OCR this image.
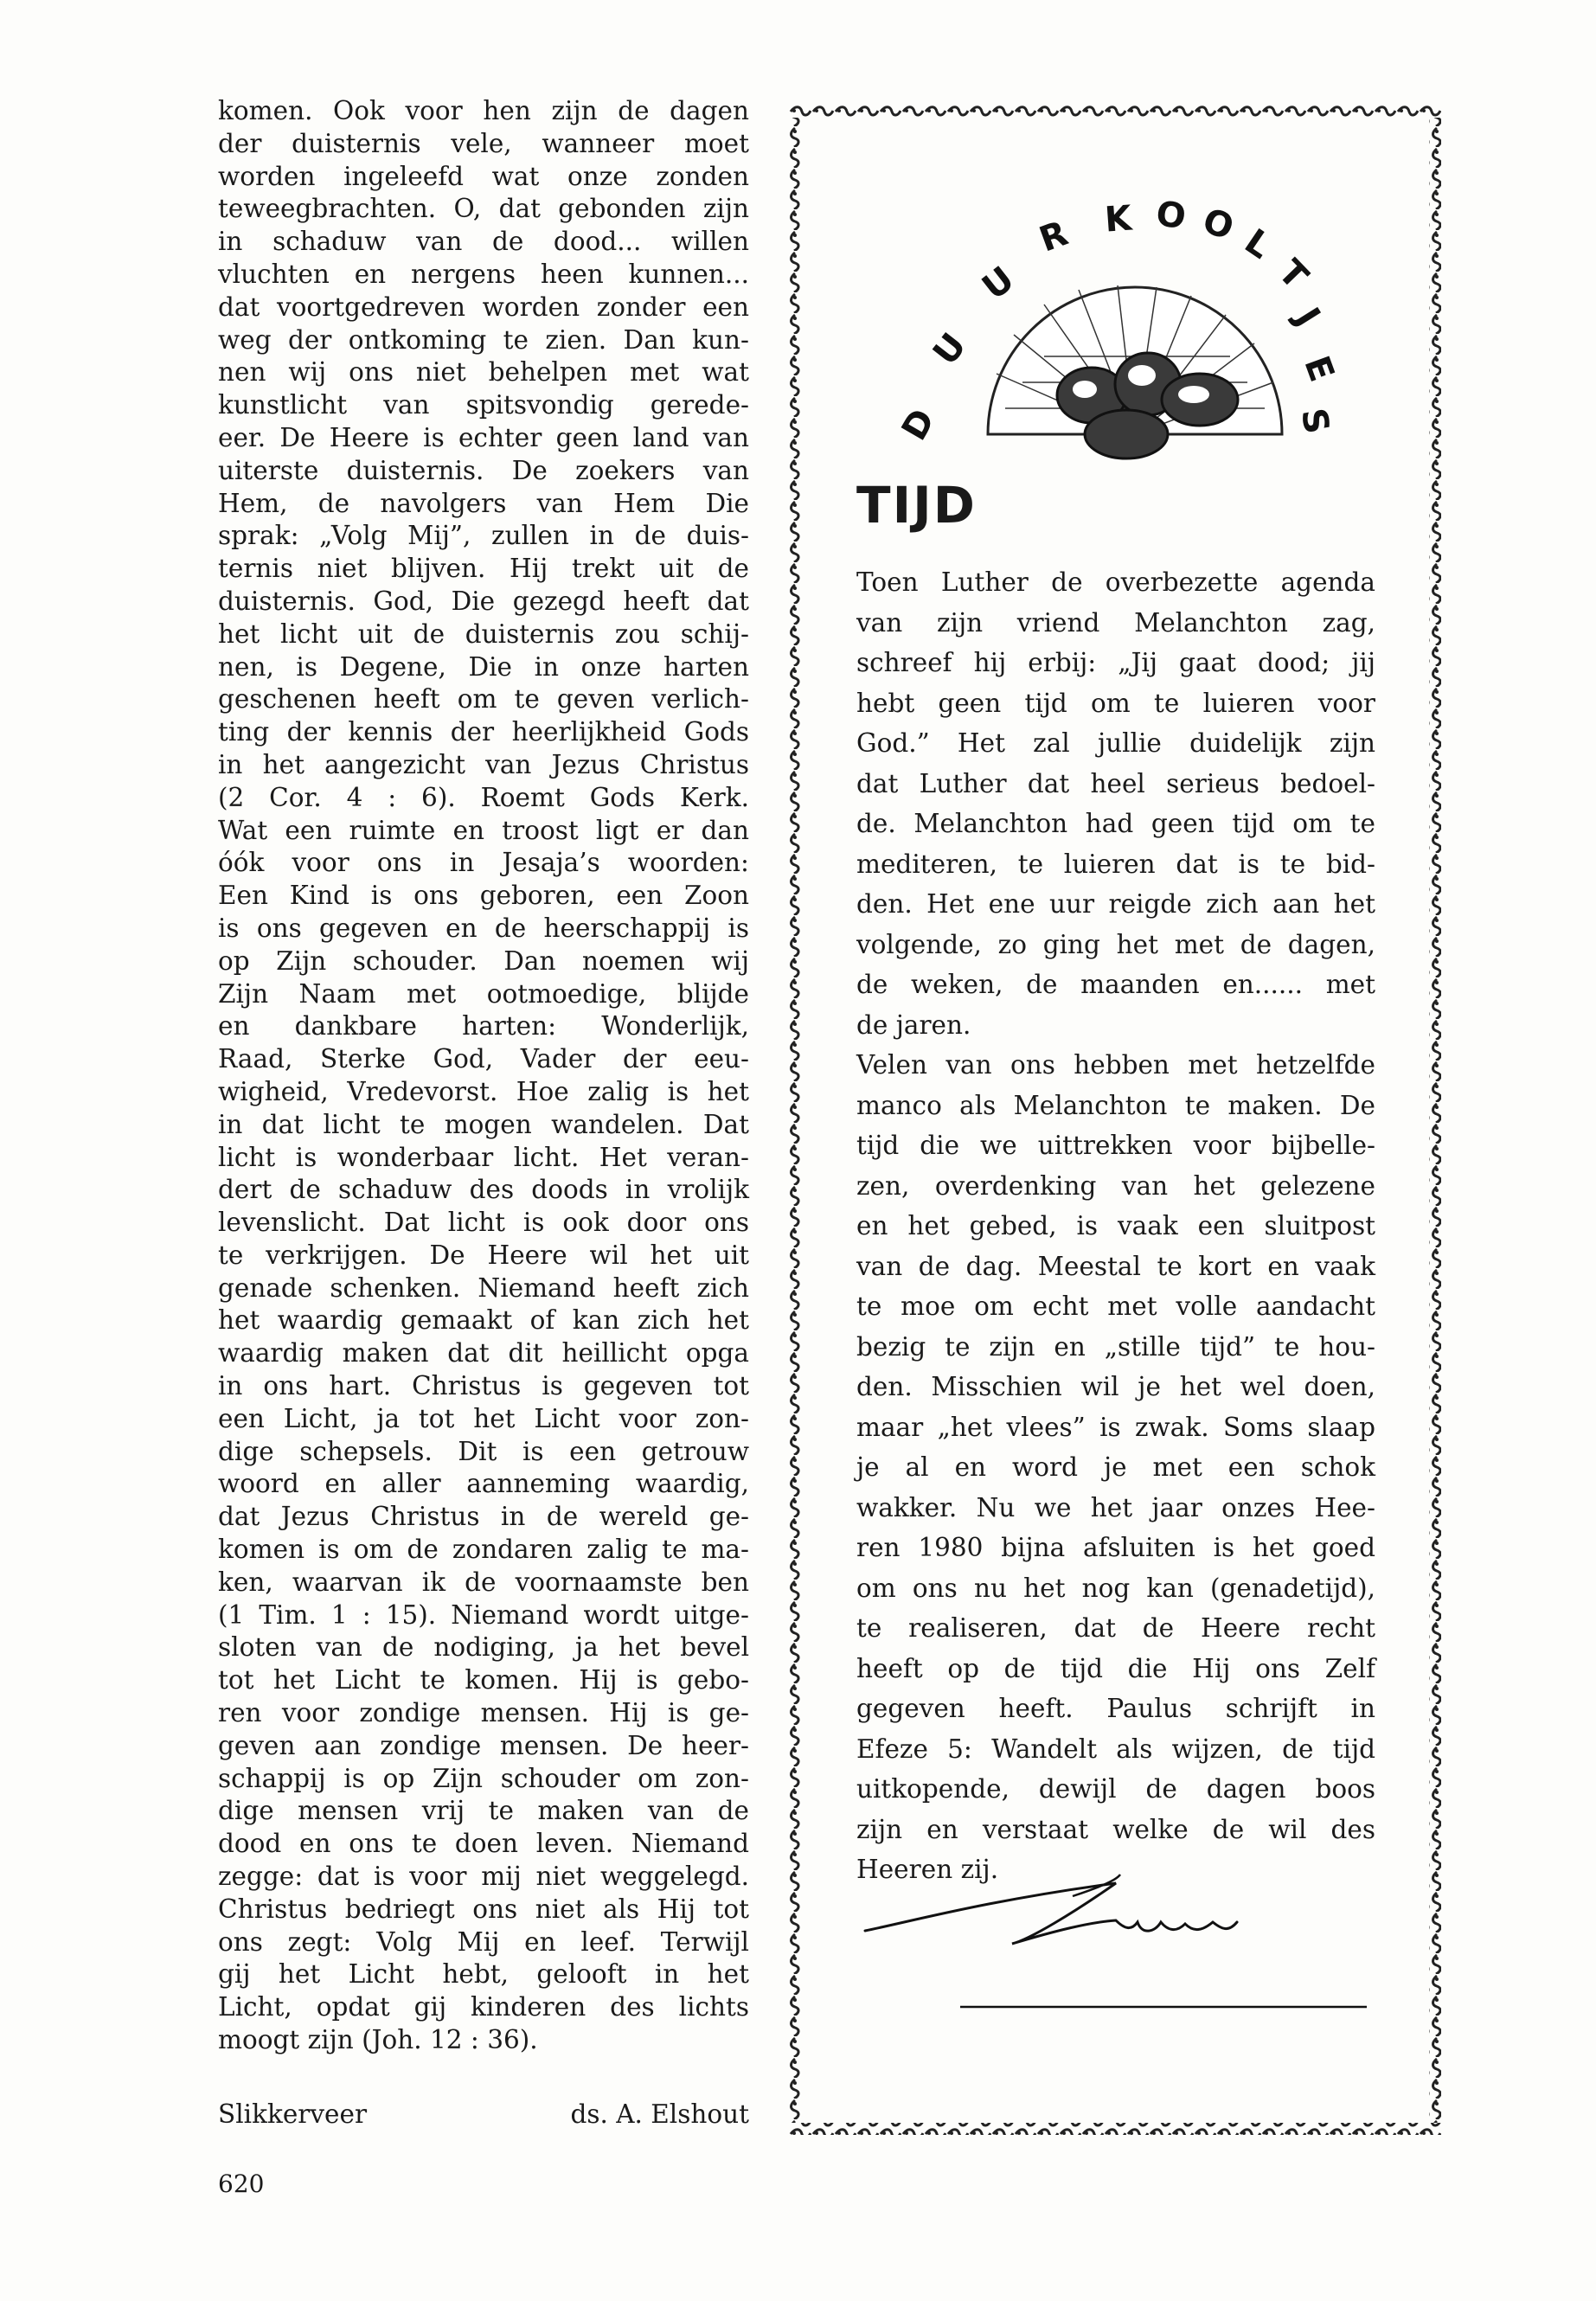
komen. Ook voor hen zijn de dagen
der duisternis vele, wanneer moet
worden ingeleefd wat onze zonden
teweegbrachten. O, dat gebonden zijn
in schaduw van de dood... willen
vluchten en nergens heen kunnen...
dat voortgedreven worden zonder een
weg der ontkoming te zien. Dan kun-
nen wij ons niet behelpen met wat
kunstlicht van spitsvondig gerede-
eer. De Heere is echter geen land van
uiterste duisternis. De zoekers van
Hem, de navolgers van Hem Die
sprak: „Volg Mij”, zullen in de duis-
ternis niet blijven. Hij trekt uit de
duisternis. God, Die gezegd heeft dat
het licht uit de duisternis zou schij-
nen, is Degene, Die in onze harten
geschenen heeft om te geven verlich-
ting der kennis der heerlijkheid Gods
in het aangezicht van Jezus Christus
(2 Cor. 4 : 6). Roemt Gods Kerk.
Wat een ruimte en troost ligt er dan
óók voor ons in Jesaja’s woorden:
Een Kind is ons geboren, een Zoon
is ons gegeven en de heerschappij is
op Zijn schouder. Dan noemen wij
Zijn Naam met ootmoedige, blijde
en dankbare harten: Wonderlijk,
Raad, Sterke God, Vader der eeu-
wigheid, Vredevorst. Hoe zalig is het
in dat licht te mogen wandelen. Dat
licht is wonderbaar licht. Het veran-
dert de schaduw des doods in vrolijk
levenslicht. Dat licht is ook door ons
te verkrijgen. De Heere wil het uit
genade schenken. Niemand heeft zich
het waardig gemaakt of kan zich het
waardig maken dat dit heillicht opga
in ons hart. Christus is gegeven tot
een Licht, ja tot het Licht voor zon-
dige schepsels. Dit is een getrouw
woord en aller aanneming waardig,
dat Jezus Christus in de wereld ge-
komen is om de zondaren zalig te ma-
ken, waarvan ik de voornaamste ben
(1 Tim. 1 : 15). Niemand wordt uitge-
sloten van de nodiging, ja het bevel
tot het Licht te komen. Hij is gebo-
ren voor zondige mensen. Hij is ge-
geven aan zondige mensen. De heer-
schappij is op Zijn schouder om zon-
dige mensen vrij te maken van de
dood en ons te doen leven. Niemand
zegge: dat is voor mij niet weggelegd.
Christus bedriegt ons niet als Hij tot
ons zegt: Volg Mij en leef. Terwijl
gij het Licht hebt, gelooft in het
Licht, opdat gij kinderen des lichts
moogt zijn (Joh. 12 : 36).
Slikkerveer	ds. A. Elshout
620
D
U
U
R K O O
L
T
J
E
S
TIJD
Toen Luther de overbezette agenda
van zijn vriend Melanchton zag,
schreef hij erbij: „Jij gaat dood; jij
hebt geen tijd om te luieren voor
God.” Het zal jullie duidelijk zijn
dat Luther dat heel serieus bedoel-
de. Melanchton had geen tijd om te
mediteren, te luieren dat is te bid-
den. Het ene uur reigde zich aan het
volgende, zo ging het met de dagen,
de weken, de maanden en...... met
de jaren.
Velen van ons hebben met hetzelfde
manco als Melanchton te maken. De
tijd die we uittrekken voor bijbelle-
zen, overdenking van het gelezene
en het gebed, is vaak een sluitpost
van de dag. Meestal te kort en vaak
te moe om echt met volle aandacht
bezig te zijn en „stille tijd” te hou-
den. Misschien wil je het wel doen,
maar „het vlees” is zwak. Soms slaap
je al en word je met een schok
wakker. Nu we het jaar onzes Hee-
ren 1980 bijna afsluiten is het goed
om ons nu het nog kan (genadetijd),
te realiseren, dat de Heere recht
heeft op de tijd die Hij ons Zelf
gegeven heeft. Paulus schrijft in
Efeze 5: Wandelt als wijzen, de tijd
uitkopende, dewijl de dagen boos
zijn en verstaat welke de wil des
Heeren zij.
